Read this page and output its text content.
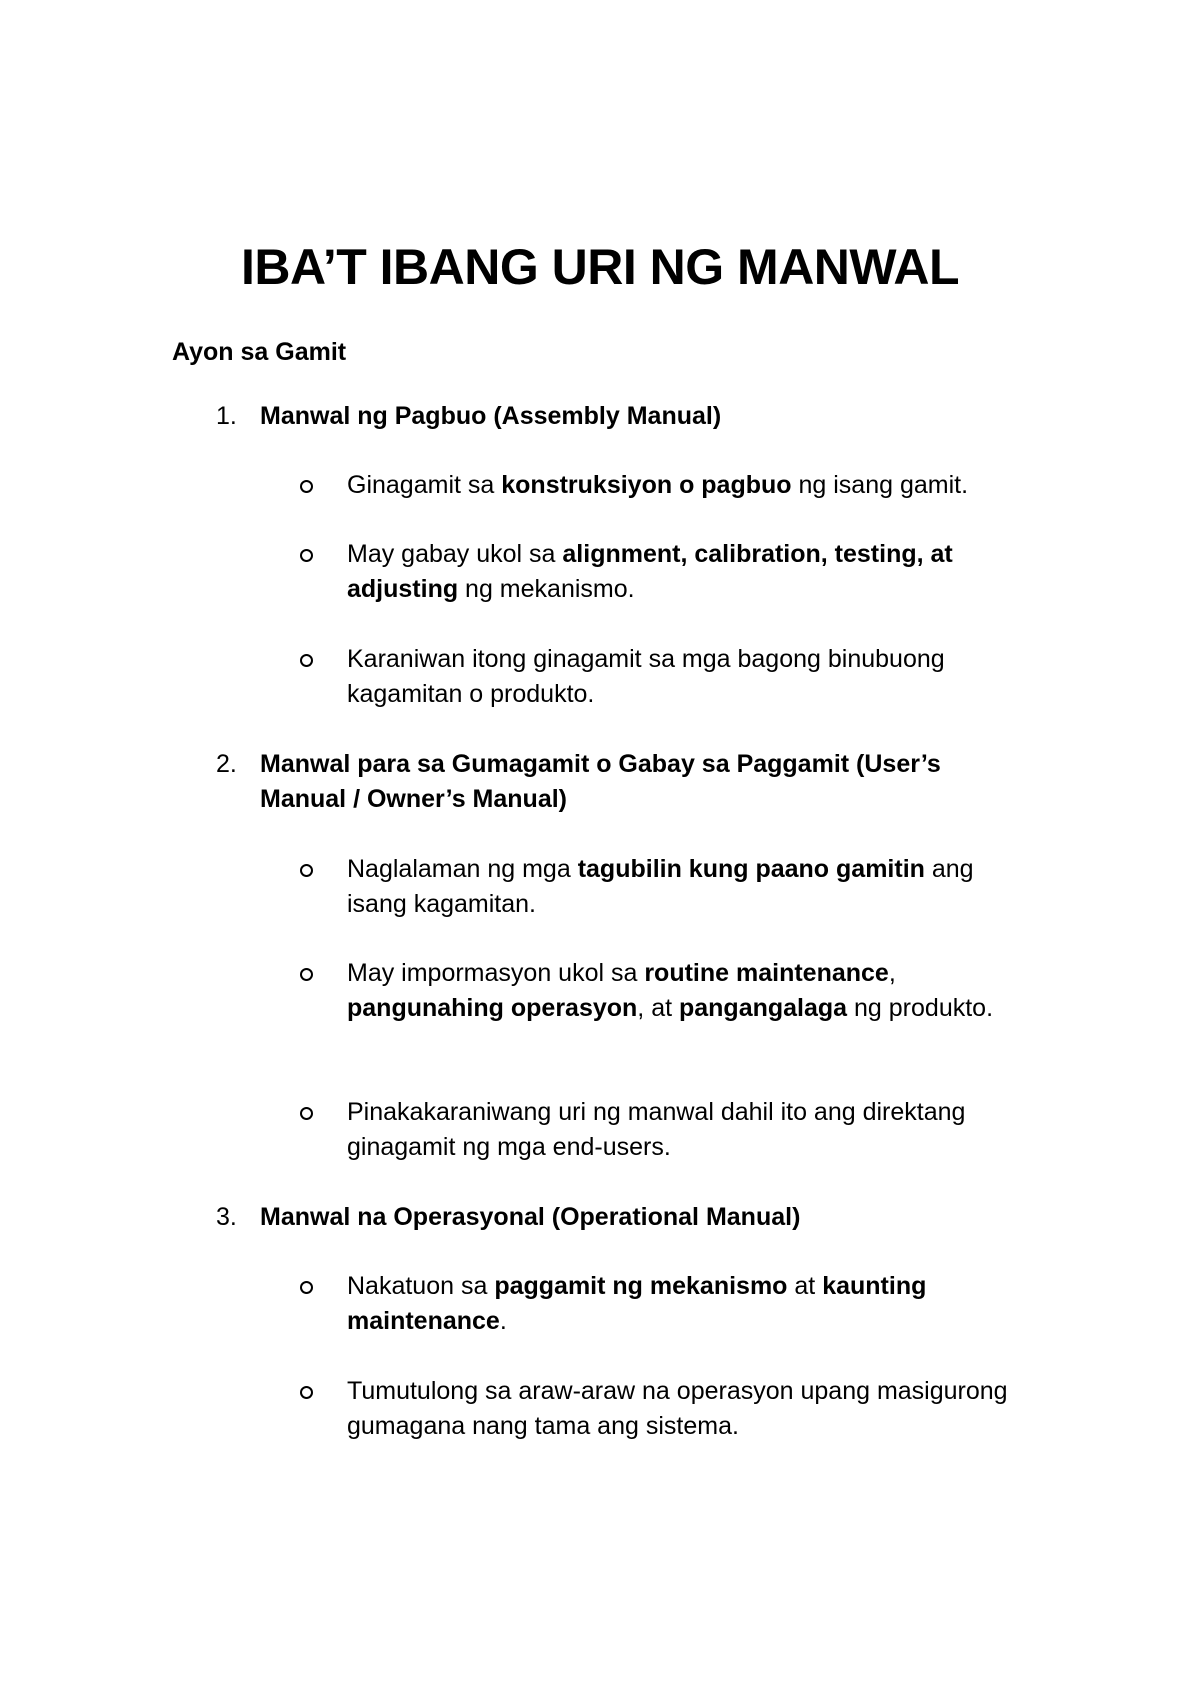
IBA’T IBANG URI NG MANWAL
Ayon sa Gamit
1. Manwal ng Pagbuo (Assembly Manual)
Ginagamit sa konstruksiyon o pagbuo ng isang gamit.
May gabay ukol sa alignment, calibration, testing, at adjusting ng mekanismo.
Karaniwan itong ginagamit sa mga bagong binubuong kagamitan o produkto.
2. Manwal para sa Gumagamit o Gabay sa Paggamit (User’s Manual / Owner’s Manual)
Naglalaman ng mga tagubilin kung paano gamitin ang isang kagamitan.
May impormasyon ukol sa routine maintenance, pangunahing operasyon, at pangangalaga ng produkto.
Pinakakaraniwang uri ng manwal dahil ito ang direktang ginagamit ng mga end-users.
3. Manwal na Operasyonal (Operational Manual)
Nakatuon sa paggamit ng mekanismo at kaunting maintenance.
Tumutulong sa araw-araw na operasyon upang masigurong gumagana nang tama ang sistema.
